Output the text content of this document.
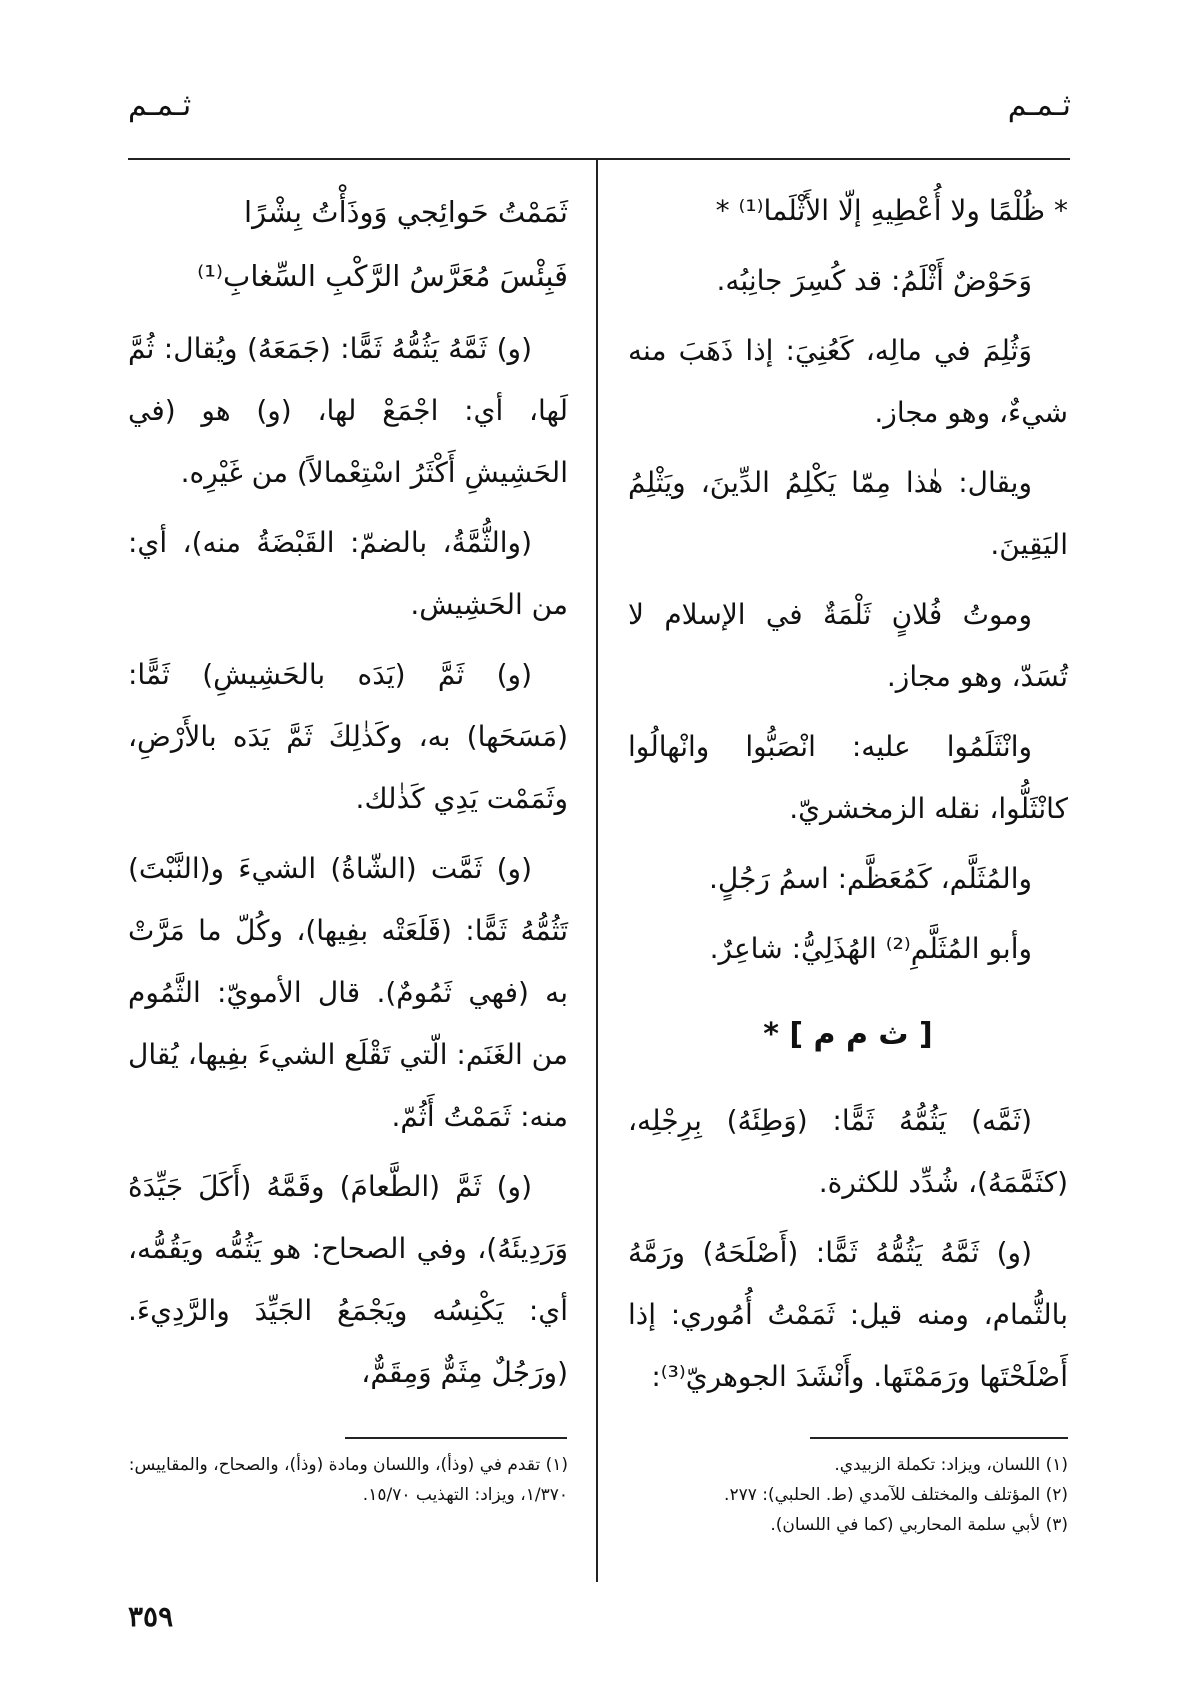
ثـمـم
ثـمـم

* ظُلْمًا ولا أُعْطِيهِ إلّا الأَثْلَما⁽¹⁾ *

وَحَوْضٌ أَثْلَمُ: قد كُسِرَ جانِبُه.

وَثُلِمَ في مالِه، كَعُنِيَ: إذا ذَهَبَ منه شيءٌ، وهو مجاز.

ويقال: هٰذا مِمّا يَكْلِمُ الدِّينَ، ويَثْلِمُ اليَقِينَ.

وموتُ فُلانٍ ثَلْمَةٌ في الإسلام لا تُسَدّ، وهو مجاز.

وانْثَلَمُوا عليه: انْصَبُّوا وانْهالُوا كانْثَلُّوا، نقله الزمخشريّ.

والمُثَلَّم، كَمُعَظَّم: اسمُ رَجُلٍ.

وأبو المُثَلَّمِ⁽²⁾ الهُذَلِيُّ: شاعِرٌ.

[ ث م م ] *

(ثَمَّه) يَثُمُّهُ ثَمًّا: (وَطِئَهُ) بِرِجْلِه، (كثَمَّمَهُ)، شُدِّد للكثرة.

(و) ثَمَّهُ يَثُمُّهُ ثَمًّا: (أَصْلَحَهُ) ورَمَّهُ بالثُّمام، ومنه قيل: ثَمَمْتُ أُمُوري: إذا أَصْلَحْتَها ورَمَمْتَها. وأَنْشَدَ الجوهريّ⁽³⁾:

ثَمَمْتُ حَوائِجي وَوذَأْتُ بِشْرًا

فَبِئْسَ مُعَرَّسُ الرَّكْبِ السِّغابِ⁽¹⁾

(و) ثَمَّهُ يَثُمُّهُ ثَمًّا: (جَمَعَهُ) ويُقال: ثُمَّ لَها، أي: اجْمَعْ لها، (و) هو (في الحَشِيشِ أَكْثَرُ اسْتِعْمالاً) من غَيْرِه.

(والثُّمَّةُ، بالضمّ: القَبْضَةُ منه)، أي: من الحَشِيش.

(و) ثَمَّ (يَدَه بالحَشِيشِ) ثَمًّا: (مَسَحَها) به، وكَذٰلِكَ ثَمَّ يَدَه بالأَرْضِ، وثَمَمْت يَدِي كَذٰلك.

(و) ثَمَّت (الشّاةُ) الشيءَ و(النَّبْتَ) تَثُمُّهُ ثَمًّا: (قَلَعَتْه بفِيها)، وكُلّ ما مَرَّتْ به (فهي ثَمُومٌ). قال الأمويّ: الثَّمُوم من الغَنَم: الّتي تَقْلَع الشيءَ بفِيها، يُقال منه: ثَمَمْتُ أَثُمّ.

(و) ثَمَّ (الطَّعامَ) وقَمَّهُ (أَكَلَ جَيِّدَهُ وَرَدِيئَهُ)، وفي الصحاح: هو يَثُمُّه ويَقُمُّه، أي: يَكْنِسُه ويَجْمَعُ الجَيِّدَ والرَّدِيءَ. (ورَجُلٌ مِثَمٌّ وَمِقَمٌّ،

(١) اللسان، ويزاد: تكملة الزبيدي.

(٢) المؤتلف والمختلف للآمدي (ط. الحلبي): ٢٧٧.

(٣) لأبي سلمة المحاربي (كما في اللسان).

(١) تقدم في (وذأ)، واللسان ومادة (وذأ)، والصحاح، والمقاييس: ١/٣٧٠، ويزاد: التهذيب ١٥/٧٠.

٣٥٩
